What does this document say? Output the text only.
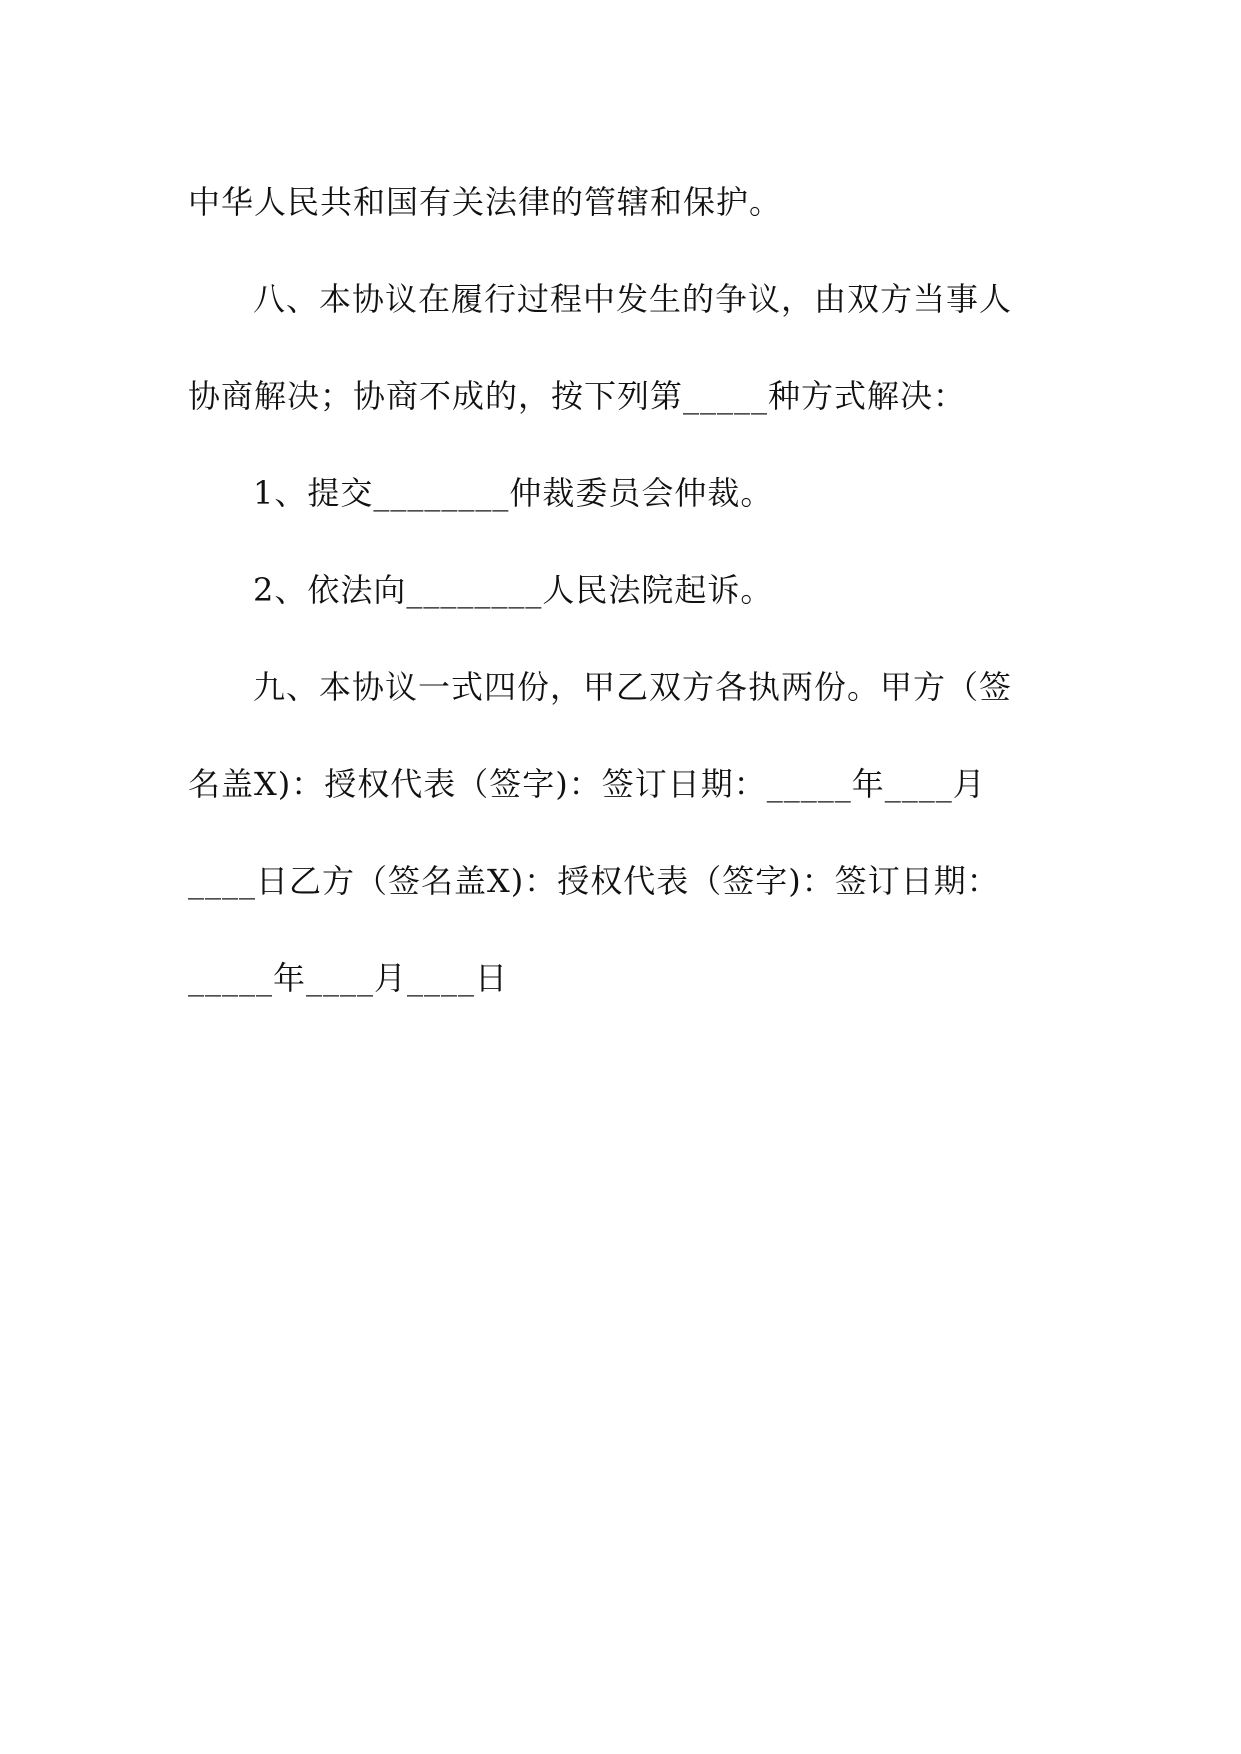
中华人民共和国有关法律的管辖和保护。
八、本协议在履行过程中发生的争议，由双方当事人
协商解决；协商不成的，按下列第_____种方式解决：
1、提交________仲裁委员会仲裁。
2、依法向________人民法院起诉。
九、本协议一式四份，甲乙双方各执两份。甲方（签
名盖X)：授权代表（签字)：签订日期：_____年____月
____日乙方（签名盖X)：授权代表（签字)：签订日期：
_____年____月____日
